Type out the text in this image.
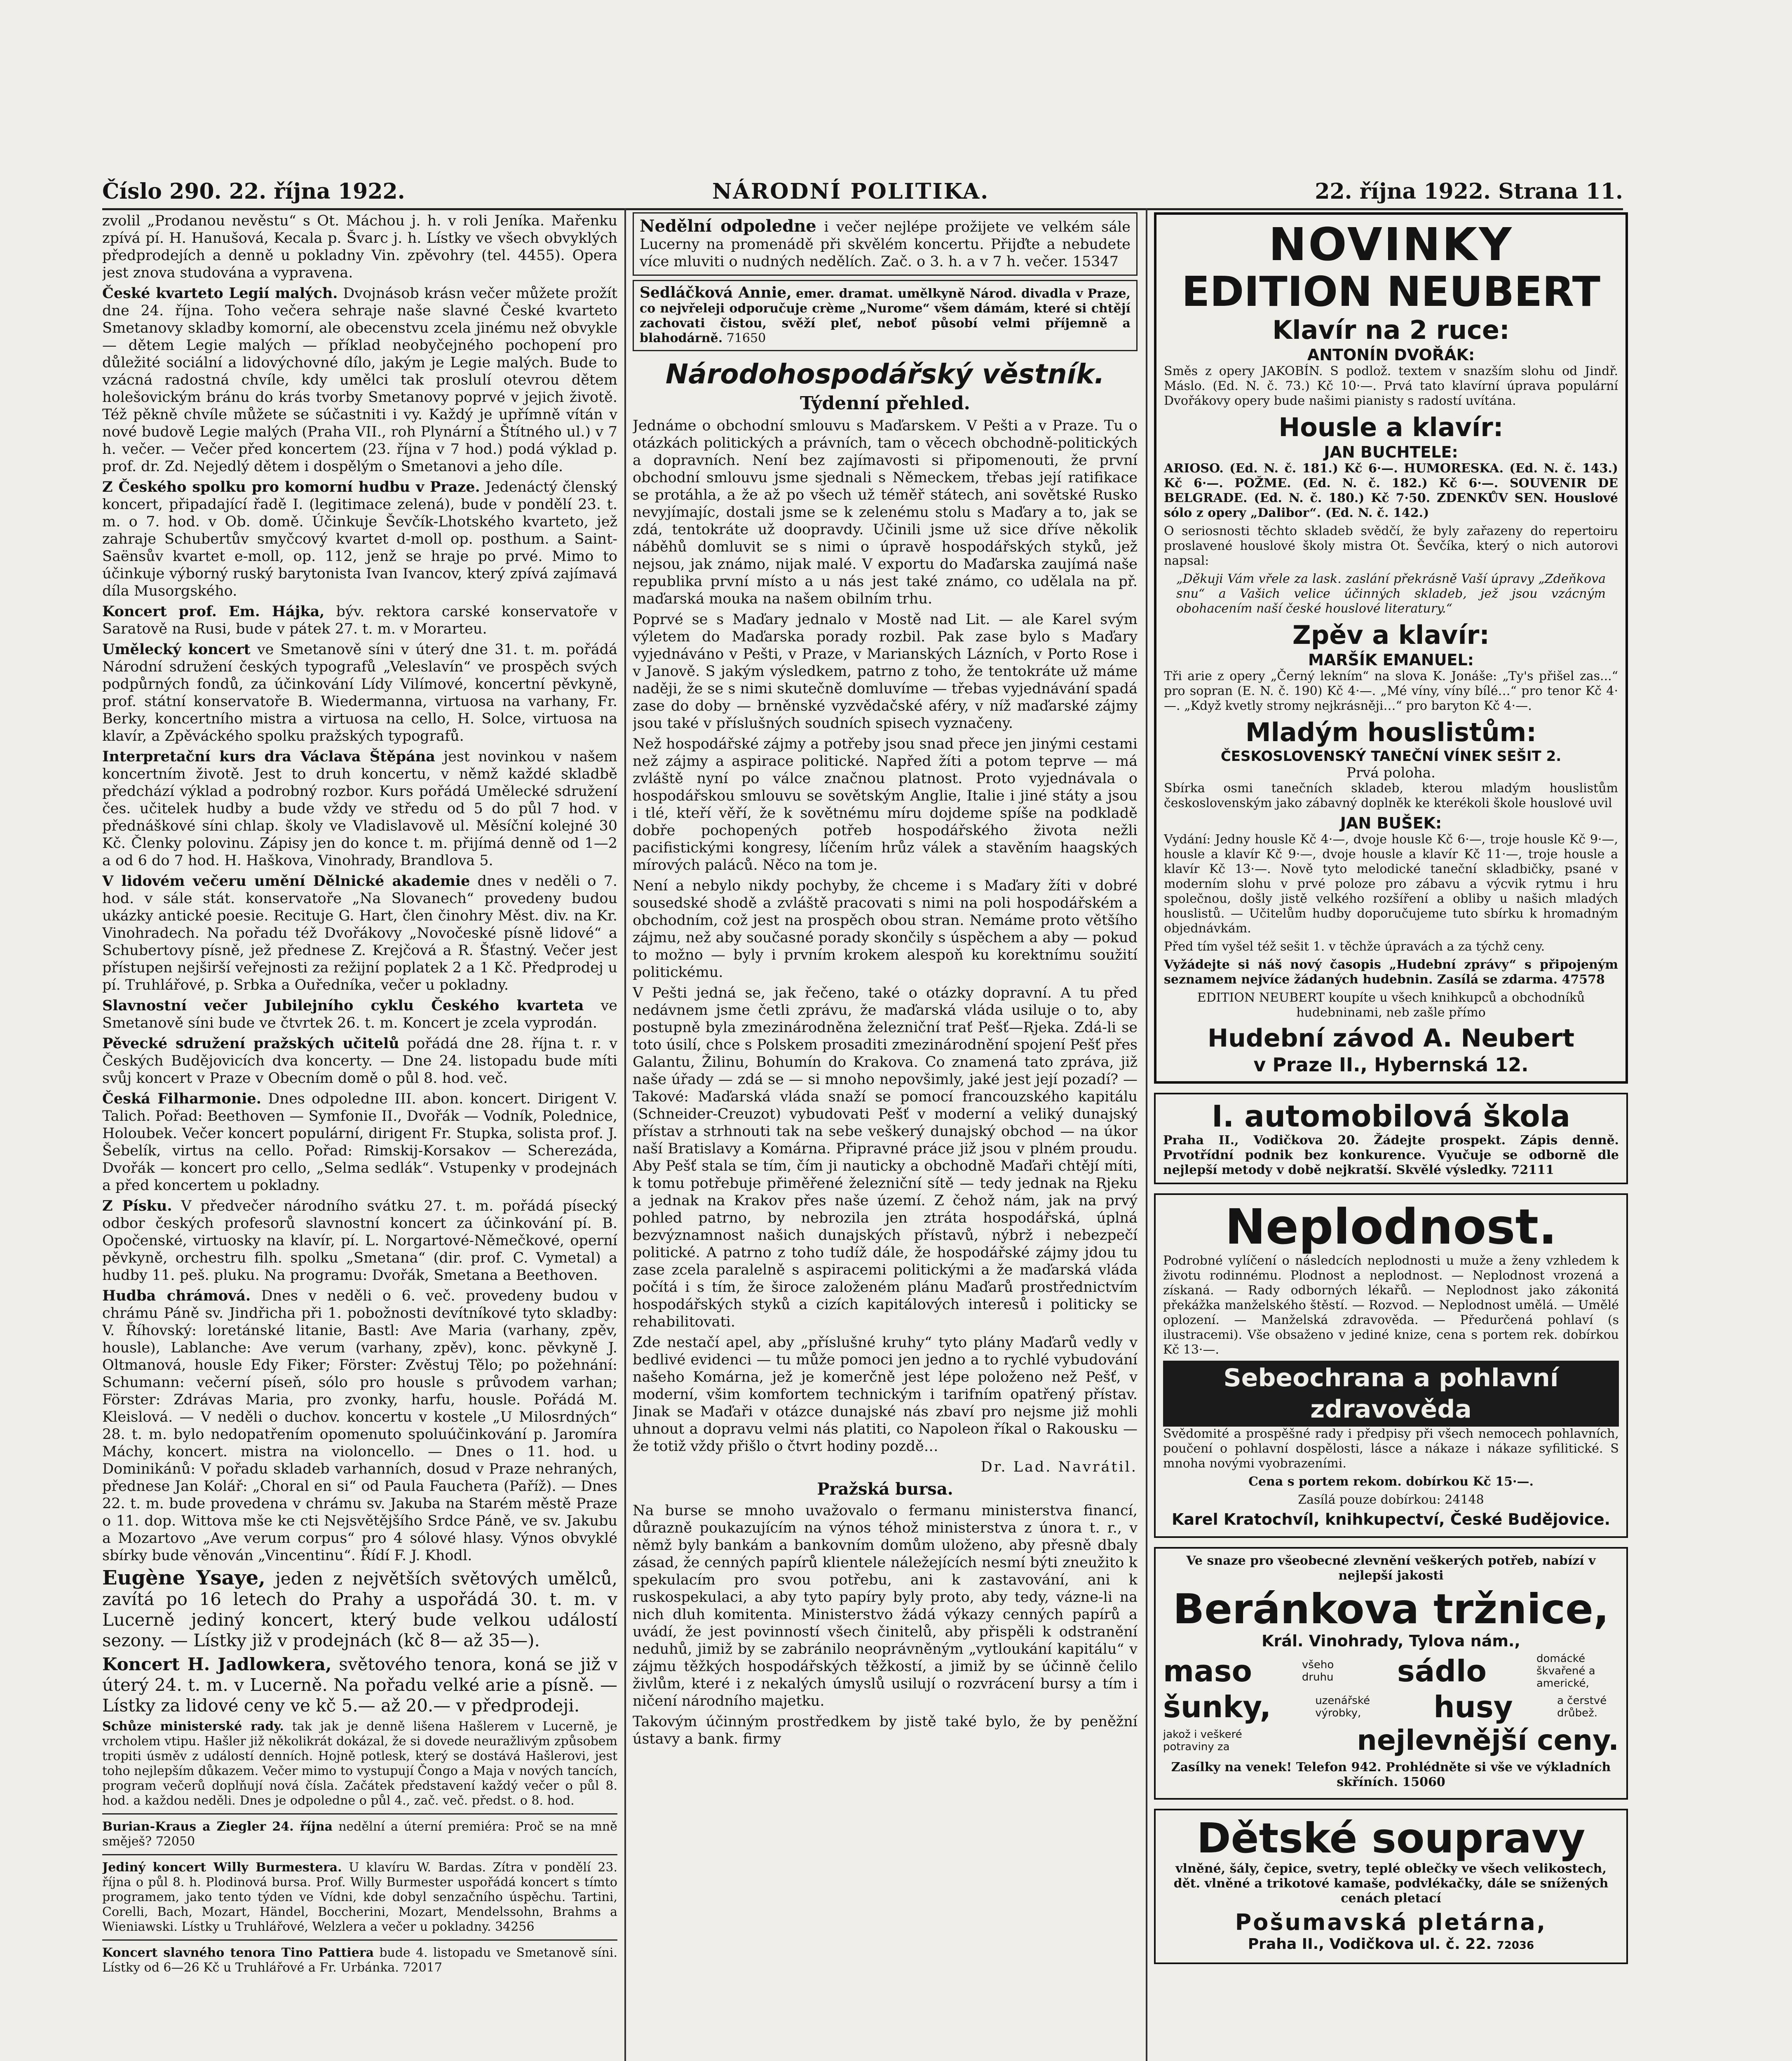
Číslo 290. 22. října 1922.	NÁRODNÍ POLITIKA.	22. října 1922. Strana 11.

zvolil „Prodanou nevěstu“ s Ot. Máchou j. h. v roli Jeníka. Mařenku zpívá pí. H. Hanušová, Kecala p. Švarc j. h. Lístky ve všech obvyklých předprodejích a denně u pokladny Vin. zpěvohry (tel. 4455). Opera jest znova studována a vypravena.

České kvarteto Legií malých. Dvojnásob krásn večer můžete prožít dne 24. října. Toho večera sehraje naše slavné České kvarteto Smetanovy skladby komorní, ale obecenstvu zcela jinému než obvykle — dětem Legie malých — příklad neobyčejného pochopení pro důležité sociální a lidovýchovné dílo, jakým je Legie malých. Bude to vzácná radostná chvíle, kdy umělci tak proslulí otevrou dětem holešovickým bránu do krás tvorby Smetanovy poprvé v jejich životě. Též pěkně chvíle můžete se súčastniti i vy. Každý je upřímně vítán v nové budově Legie malých (Praha VII., roh Plynární a Štítného ul.) v 7 h. večer. — Večer před koncertem (23. října v 7 hod.) podá výklad p. prof. dr. Zd. Nejedlý dětem i dospělým o Smetanovi a jeho díle.

Z Českého spolku pro komorní hudbu v Praze. Jedenáctý členský koncert, připadající řadě I. (legitimace zelená), bude v pondělí 23. t. m. o 7. hod. v Ob. domě. Účinkuje Ševčík-Lhotského kvarteto, jež zahraje Schubertův smyčcový kvartet d-moll op. posthum. a Saint-Saënsův kvartet e-moll, op. 112, jenž se hraje po prvé. Mimo to účinkuje výborný ruský barytonista Ivan Ivancov, který zpívá zajímavá díla Musorgského.

Koncert prof. Em. Hájka, býv. rektora carské konservatoře v Saratově na Rusi, bude v pátek 27. t. m. v Morarteu.

Umělecký koncert ve Smetanově síni v úterý dne 31. t. m. pořádá Národní sdružení českých typografů „Veleslavín“ ve prospěch svých podpůrných fondů, za účinkování Lídy Vilímové, koncertní pěvkyně, prof. státní konservatoře B. Wiedermanna, virtuosa na varhany, Fr. Berky, koncertního mistra a virtuosa na cello, H. Solce, virtuosa na klavír, a Zpěváckého spolku pražských typografů.

Interpretační kurs dra Václava Štěpána jest novinkou v našem koncertním životě. Jest to druh koncertu, v němž každé skladbě předchází výklad a podrobný rozbor. Kurs pořádá Umělecké sdružení čes. učitelek hudby a bude vždy ve středu od 5 do půl 7 hod. v přednáškové síni chlap. školy ve Vladislavově ul. Měsíční kolejné 30 Kč. Členky polovinu. Zápisy jen do konce t. m. přijímá denně od 1—2 a od 6 do 7 hod. H. Haškova, Vinohrady, Brandlova 5.

V lidovém večeru umění Dělnické akademie dnes v neděli o 7. hod. v sále stát. konservatoře „Na Slovanech“ provedeny budou ukázky antické poesie. Recituje G. Hart, člen činohry Měst. div. na Kr. Vinohradech. Na pořadu též Dvořákovy „Novočeské písně lidové“ a Schubertovy písně, jež přednese Z. Krejčová a R. Šťastný. Večer jest přístupen nejširší veřejnosti za režijní poplatek 2 a 1 Kč. Předprodej u pí. Truhlářové, p. Srbka a Ouředníka, večer u pokladny.

Slavnostní večer Jubilejního cyklu Českého kvarteta ve Smetanově síni bude ve čtvrtek 26. t. m. Koncert je zcela vyprodán.

Pěvecké sdružení pražských učitelů pořádá dne 28. října t. r. v Českých Budějovicích dva koncerty. — Dne 24. listopadu bude míti svůj koncert v Praze v Obecním domě o půl 8. hod. več.

Česká Filharmonie. Dnes odpoledne III. abon. koncert. Dirigent V. Talich. Pořad: Beethoven — Symfonie II., Dvořák — Vodník, Polednice, Holoubek. Večer koncert populární, dirigent Fr. Stupka, solista prof. J. Šebelík, virtus na cello. Pořad: Rimskij-Korsakov — Scherezáda, Dvořák — koncert pro cello, „Selma sedlák“. Vstupenky v prodejnách a před koncertem u pokladny.

Z Písku. V předvečer národního svátku 27. t. m. pořádá písecký odbor českých profesorů slavnostní koncert za účinkování pí. B. Opočenské, virtuosky na klavír, pí. L. Norgartové-Němečkové, operní pěvkyně, orchestru filh. spolku „Smetana“ (dir. prof. C. Vymetal) a hudby 11. peš. pluku. Na programu: Dvořák, Smetana a Beethoven.

Hudba chrámová. Dnes v neděli o 6. več. provedeny budou v chrámu Páně sv. Jindřicha při 1. pobožnosti devítníkové tyto skladby: V. Říhovský: loretánské litanie, Bastl: Ave Maria (varhany, zpěv, housle), Lablanche: Ave verum (varhany, zpěv), konc. pěvkyně J. Oltmanová, housle Edy Fiker; Förster: Zvěstuj Tělo; po požehnání: Schumann: večerní píseň, sólo pro housle s průvodem varhan; Förster: Zdrávas Maria, pro zvonky, harfu, housle. Pořádá M. Kleislová. — V neděli o duchov. koncertu v kostele „U Milosrdných“ 28. t. m. bylo nedopatřením opomenuto spoluúčinkování p. Jaromíra Máchy, koncert. mistra na violoncello. — Dnes o 11. hod. u Dominikánů: V pořadu skladeb varhanních, dosud v Praze nehraných, přednese Jan Kolář: „Choral en si“ od Paula Fauchета (Paříž). — Dnes 22. t. m. bude provedena v chrámu sv. Jakuba na Starém městě Praze o 11. dop. Wittova mše ke cti Nejsvětějšího Srdce Páně, ve sv. Jakubu a Mozartovo „Ave verum corpus“ pro 4 sólové hlasy. Výnos obvyklé sbírky bude věnován „Vincentinu“. Řídí F. J. Khodl.

Eugène Ysaye, jeden z největších světových umělců, zavítá po 16 letech do Prahy a uspořádá 30. t. m. v Lucerně jediný koncert, který bude velkou událostí sezony. — Lístky již v prodejnách (kč 8— až 35—).

Koncert H. Jadlowkera, světového tenora, koná se již v úterý 24. t. m. v Lucerně. Na pořadu velké arie a písně. — Lístky za lidové ceny ve kč 5.— až 20.— v předprodeji.

Schůze ministerské rady. tak jak je denně lišena Hašlerem v Lucerně, je vrcholem vtipu. Hašler již několikrát dokázal, že si dovede neuražlivým způsobem tropiti úsměv z událostí denních. Hojně potlesk, který se dostává Hašlerovi, jest toho nejlepším důkazem. Večer mimo to vystupují Čongo a Maja v nových tancích, program večerů doplňují nová čísla. Začátek představení každý večer o půl 8. hod. a každou neděli. Dnes je odpoledne o půl 4., zač. več. předst. o 8. hod.

Burian-Kraus a Ziegler 24. října nedělní a úterní premiéra: Proč se na mně směješ? 72050

Jediný koncert Willy Burmestera. U klavíru W. Bardas. Zítra v pondělí 23. října o půl 8. h. Plodinová bursa. Prof. Willy Burmester uspořádá koncert s tímto programem, jako tento týden ve Vídni, kde dobyl senzačního úspěchu. Tartini, Corelli, Bach, Mozart, Händel, Boccherini, Mozart, Mendelssohn, Brahms a Wieniawski. Lístky u Truhlářové, Welzlera a večer u pokladny. 34256

Koncert slavného tenora Tino Pattiera bude 4. listopadu ve Smetanově síni. Lístky od 6—26 Kč u Truhlářové a Fr. Urbánka. 72017

Nedělní odpoledne i večer nejlépe prožijete ve velkém sále Lucerny na promenádě při skvělém koncertu. Přijďte a nebudete více mluviti o nudných nedělích. Zač. o 3. h. a v 7 h. večer. 15347

Sedláčková Annie, emer. dramat. umělkyně Národ. divadla v Praze, co nejvřeleji odporučuje crème „Nurome“ všem dámám, které si chtějí zachovati čistou, svěží pleť, neboť působí velmi příjemně a blahodárně. 71650

Národohospodářský věstník.
Týdenní přehled.

Jednáme o obchodní smlouvu s Maďarskem. V Pešti a v Praze. Tu o otázkách politických a právních, tam o věcech obchodně-politických a dopravních. Není bez zajímavosti si připomenouti, že první obchodní smlouvu jsme sjednali s Německem, třebas její ratifikace se protáhla, a že až po všech už téměř státech, ani sovětské Rusko nevyjímajíc, dostali jsme se k zelenému stolu s Maďary a to, jak se zdá, tentokráte už doopravdy. Učinili jsme už sice dříve několik náběhů domluvit se s nimi o úpravě hospodářských styků, jež nejsou, jak známo, nijak malé. V exportu do Maďarska zaujímá naše republika první místo a u nás jest také známo, co udělala na př. maďarská mouka na našem obilním trhu.

Poprvé se s Maďary jednalo v Mostě nad Lit. — ale Karel svým výletem do Maďarska porady rozbil. Pak zase bylo s Maďary vyjednáváno v Pešti, v Praze, v Marianských Lázních, v Porto Rose i v Janově. S jakým výsledkem, patrno z toho, že tentokráte už máme naději, že se s nimi skutečně domluvíme — třebas vyjednávání spadá zase do doby — brněnské vyzvědačské aféry, v níž maďarské zájmy jsou také v příslušných soudních spisech vyznačeny.

Než hospodářské zájmy a potřeby jsou snad přece jen jinými cestami než zájmy a aspirace politické. Napřed žíti a potom teprve — má zvláště nyní po válce značnou platnost. Proto vyjednávala o hospodářskou smlouvu se sovětským Anglie, Italie i jiné státy a jsou i tlé, kteří věří, že k sovětnému míru dojdeme spíše na podkladě dobře pochopených potřeb hospodářského života nežli pacifistickými kongresy, líčením hrůz válek a stavěním haagských mírových paláců. Něco na tom je.

Není a nebylo nikdy pochyby, že chceme i s Maďary žíti v dobré sousedské shodě a zvláště pracovati s nimi na poli hospodářském a obchodním, což jest na prospěch obou stran. Nemáme proto většího zájmu, než aby současné porady skončily s úspěchem a aby — pokud to možno — byly i prvním krokem alespoň ku korektnímu soužití politickému.

V Pešti jedná se, jak řečeno, také o otázky dopravní. A tu před nedávnem jsme četli zprávu, že maďarská vláda usiluje o to, aby postupně byla zmezinárodněna železniční trať Pešť—Rjeka. Zdá-li se toto úsilí, chce s Polskem prosaditi zmezinárodnění spojení Pešť přes Galantu, Žilinu, Bohumín do Krakova. Co znamená tato zpráva, již naše úřady — zdá se — si mnoho nepovšimly, jaké jest její pozadí? — Takové: Maďarská vláda snaží se pomocí francouzského kapitálu (Schneider-Creuzot) vybudovati Pešť v moderní a veliký dunajský přístav a strhnouti tak na sebe veškerý dunajský obchod — na úkor naší Bratislavy a Komárna. Připravné práce již jsou v plném proudu. Aby Pešť stala se tím, čím ji nauticky a obchodně Maďaři chtějí míti, k tomu potřebuje přiměřené železniční sítě — tedy jednak na Rjeku a jednak na Krakov přes naše území. Z čehož nám, jak na prvý pohled patrno, by nebrozila jen ztráta hospodářská, úplná bezvýznamnost našich dunajských přístavů, nýbrž i nebezpečí politické. A patrno z toho tudíž dále, že hospodářské zájmy jdou tu zase zcela paralelně s aspiracemi politickými a že maďarská vláda počítá i s tím, že široce založeném plánu Maďarů prostřednictvím hospodářských styků a cizích kapitálových interesů i politicky se rehabilitovati.

Zde nestačí apel, aby „příslušné kruhy“ tyto plány Maďarů vedly v bedlivé evidenci — tu může pomoci jen jedno a to rychlé vybudování našeho Komárna, jež je komerčně jest lépe položeno než Pešť, v moderní, všim komfortem technickým i tarifním opatřený přístav. Jinak se Maďaři v otázce dunajské nás zbaví pro nejsme již mohli uhnout a dopravu velmi nás platiti, co Napoleon říkal o Rakousku — že totiž vždy přišlo o čtvrt hodiny pozdě…

Dr. Lad. Navrátil.

Pražská bursa.

Na burse se mnoho uvažovalo o fermanu ministerstva financí, důrazně poukazujícím na výnos téhož ministerstva z února t. r., v němž byly bankám a bankovním domům uloženo, aby přesně dbaly zásad, že cenných papírů klientele náležejících nesmí býti zneužito k spekulacím pro svou potřebu, ani k zastavování, ani k ruskospekulaci, a aby tyto papíry byly proto, aby tedy, vázne-li na nich dluh komitenta. Ministerstvo žádá výkazy cenných papírů a uvádí, že jest povinností všech činitelů, aby přispěli k odstranění neduhů, jimiž by se zabránilo neoprávněným „vytloukání kapitálu“ v zájmu těžkých hospodářských těžkostí, a jimiž by se účinně čelilo živlům, které i z nekalých úmyslů usilují o rozvrácení bursy a tím i ničení národního majetku.

Takovým účinným prostředkem by jistě také bylo, že by peněžní ústavy a bank. firmy

NOVINKY
EDITION NEUBERT
Klavír na 2 ruce:
ANTONÍN DVOŘÁK:

Směs z opery JAKOBÍN. S podlož. textem v snazším slohu od Jindř. Máslo. (Ed. N. č. 73.) Kč 10·—. Prvá tato klavírní úprava populární Dvořákovy opery bude našimi pianisty s radostí uvítána.

Housle a klavír:
JAN BUCHTELE:

ARIOSO. (Ed. N. č. 181.) Kč 6·—. HUMORESKA. (Ed. N. č. 143.) Kč 6·—. POŽME. (Ed. N. č. 182.) Kč 6·—. SOUVENIR DE BELGRADE. (Ed. N. č. 180.) Kč 7·50. ZDENKŮV SEN. Houslové sólo z opery „Dalibor“. (Ed. N. č. 142.)

O seriosnosti těchto skladeb svědčí, že byly zařazeny do repertoiru proslavené houslové školy mistra Ot. Ševčíka, který o nich autorovi napsal:

„Děkuji Vám vřele za lask. zaslání překrásně Vaší úpravy „Zdeňkova snu“ a Vašich velice účinných skladeb, jež jsou vzácným obohacením naší české houslové literatury.“

Zpěv a klavír:
MARŠÍK EMANUEL:

Tři arie z opery „Černý lekním“ na slova K. Jonáše: „Ty's přišel zas...“ pro sopran (E. N. č. 190) Kč 4·—. „Mé víny, víny bílé…“ pro tenor Kč 4·—. „Když kvetly stromy nejkrásněji…“ pro baryton Kč 4·—.

Mladým houslistům:
ČESKOSLOVENSKÝ TANEČNÍ VÍNEK SEŠIT 2.
Prvá poloha.

Sbírka osmi tanečních skladeb, kterou mladým houslistům československým jako zábavný doplněk ke kterékoli škole houslové uvil

JAN BUŠEK:

Vydání: Jedny housle Kč 4·—, dvoje housle Kč 6·—, troje housle Kč 9·—, housle a klavír Kč 9·—, dvoje housle a klavír Kč 11·—, troje housle a klavír Kč 13·—. Nově tyto melodické taneční skladbičky, psané v moderním slohu v prvé poloze pro zábavu a výcvik rytmu i hru společnou, došly jistě velkého rozšíření a obliby u našich mladých houslistů. — Učitelům hudby doporučujeme tuto sbírku k hromadným objednávkám.

Před tím vyšel též sešit 1. v těchže úpravách a za týchž ceny.

Vyžádejte si náš nový časopis „Hudební zprávy“ s připojeným seznamem nejvíce žádaných hudebnin. Zasílá se zdarma. 47578

EDITION NEUBERT koupíte u všech knihkupců a obchodníků hudebninami, neb zašle přímo

Hudební závod A. Neubert
v Praze II., Hybernská 12.
I. automobilová škola

Praha II., Vodičkova 20. Žádejte prospekt. Zápis denně. Prvotřídní podnik bez konkurence. Vyučuje se odborně dle nejlepší metody v době nejkratší. Skvělé výsledky. 72111

Neplodnost.

Podrobné vylíčení o následcích neplodnosti u muže a ženy vzhledem k životu rodinnému. Plodnost a neplodnost. — Neplodnost vrozená a získaná. — Rady odborných lékařů. — Neplodnost jako zákonitá překážka manželského štěstí. — Rozvod. — Neplodnost umělá. — Umělé oplození. — Manželská zdravověda. — Předurčená pohlaví (s ilustracemi). Vše obsaženo v jediné knize, cena s portem rek. dobírkou Kč 13·—.

Sebeochrana a pohlavní zdravověda

Svědomité a prospěšné rady i předpisy při všech nemocech pohlavních, poučení o pohlavní dospělosti, lásce a nákaze i nákaze syfilitické. S mnoha novými vyobrazeními.

Cena s portem rekom. dobírkou Kč 15·—.

Zasílá pouze dobírkou: 24148

Karel Kratochvíl, knihkupectví, České Budějovice.

Ve snaze pro všeobecné zlevnění veškerých potřeb, nabízí v nejlepší jakosti

Beránkova tržnice,
Král. Vinohrady, Tylova nám.,
maso	všeho druhu	sádlo	domácké škvařené a americké,
šunky,	uzenářské výrobky,	husy	a čerstvé drůbež.
jakož i veškeré potraviny za	nejlevnější ceny.

Zasílky na venek! Telefon 942. Prohlédněte si vše ve výkladních skříních. 15060

Dětské soupravy

vlněné, šály, čepice, svetry, teplé oblečky ve všech velikostech, dět. vlněné a trikotové kamaše, podvlékačky, dále se snížených cenách pletací

Pošumavská pletárna,

Praha II., Vodičkova ul. č. 22. 72036
